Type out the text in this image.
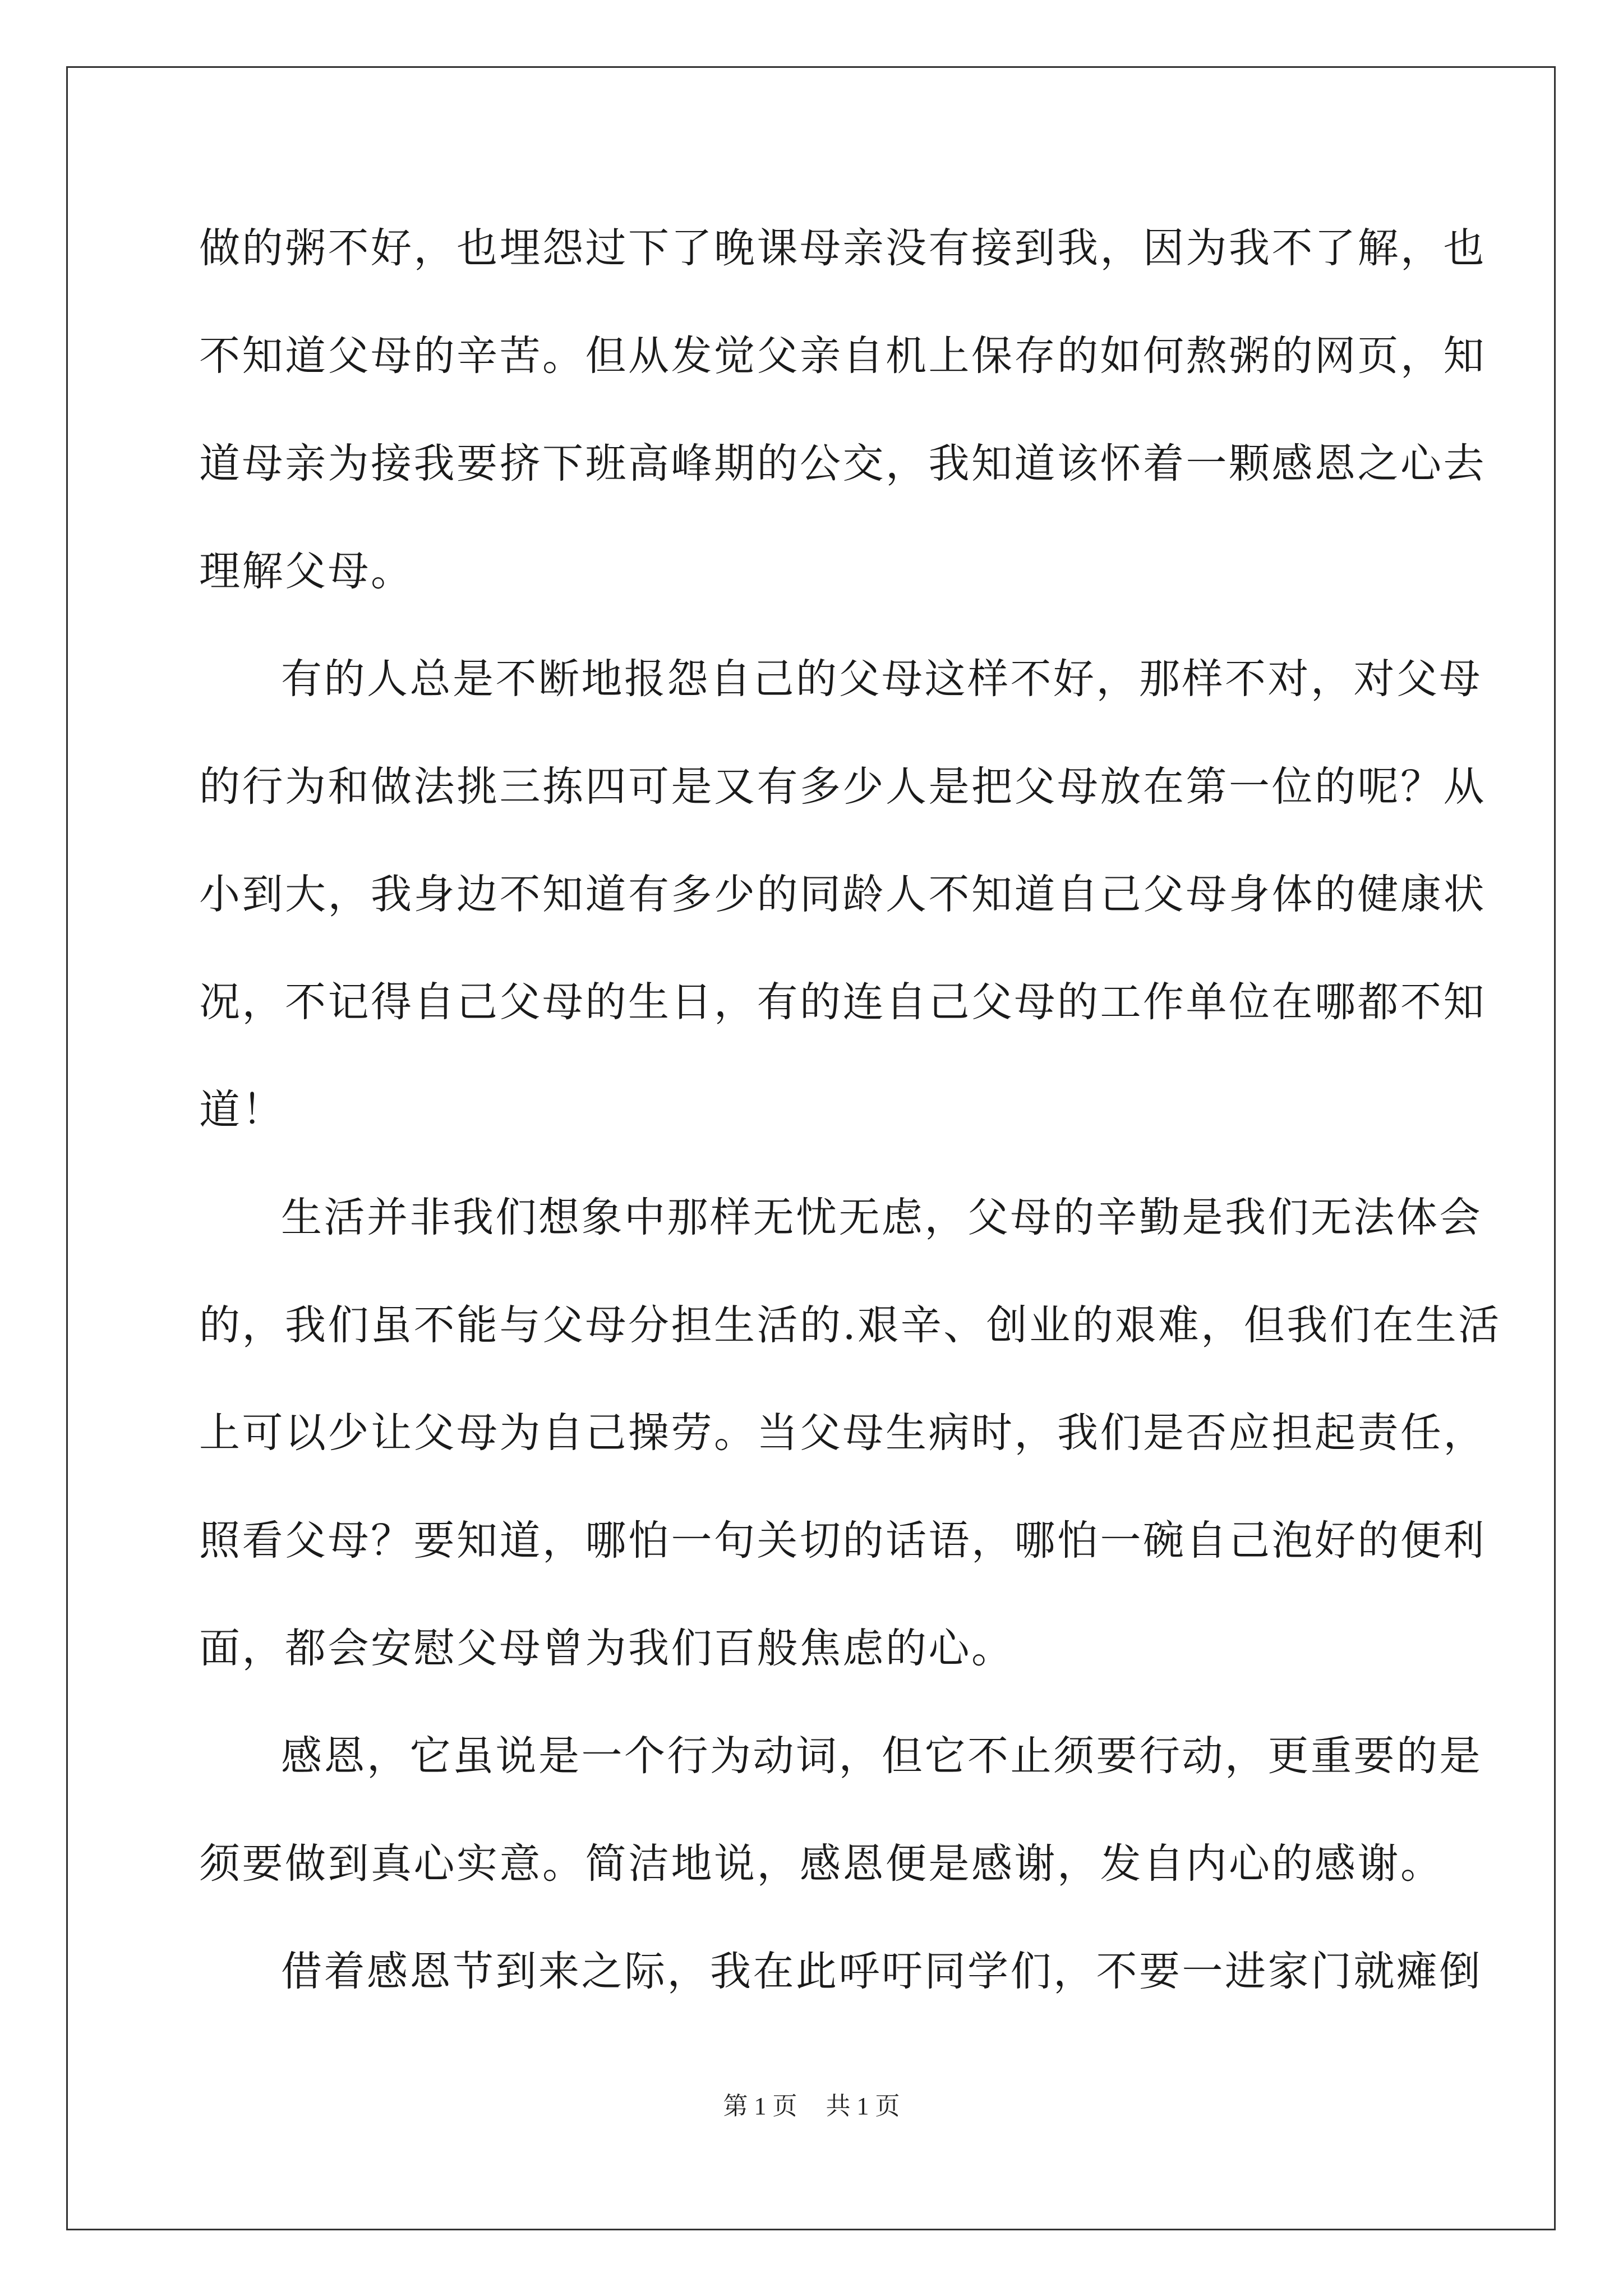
做的粥不好，也埋怨过下了晚课母亲没有接到我，因为我不了解，也
不知道父母的辛苦。但从发觉父亲自机上保存的如何熬粥的网页，知
道母亲为接我要挤下班高峰期的公交，我知道该怀着一颗感恩之心去
理解父母。
有的人总是不断地报怨自己的父母这样不好，那样不对，对父母
的行为和做法挑三拣四可是又有多少人是把父母放在第一位的呢？从
小到大，我身边不知道有多少的同龄人不知道自己父母身体的健康状
况，不记得自己父母的生日，有的连自己父母的工作单位在哪都不知
道！
生活并非我们想象中那样无忧无虑，父母的辛勤是我们无法体会
的，我们虽不能与父母分担生活的.艰辛、创业的艰难，但我们在生活
上可以少让父母为自己操劳。当父母生病时，我们是否应担起责任，
照看父母？要知道，哪怕一句关切的话语，哪怕一碗自己泡好的便利
面，都会安慰父母曾为我们百般焦虑的心。
感恩，它虽说是一个行为动词，但它不止须要行动，更重要的是
须要做到真心实意。简洁地说，感恩便是感谢，发自内心的感谢。
借着感恩节到来之际，我在此呼吁同学们，不要一进家门就瘫倒
第 1 页 共 1 页
